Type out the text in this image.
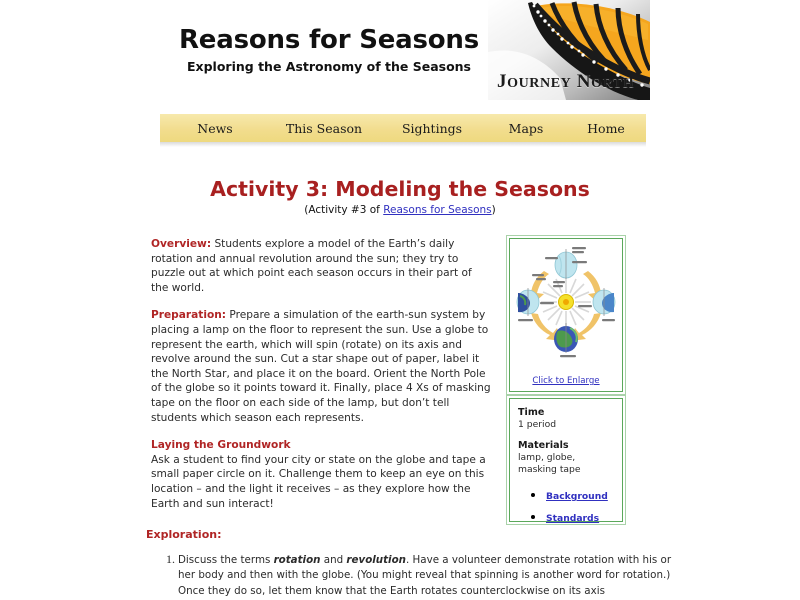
Reasons for Seasons
Exploring the Astronomy of the Seasons
JOURNEY NORTH
News	This Season	Sightings	Maps	Home
Activity 3: Modeling the Seasons
(Activity #3 of Reasons for Seasons)
Overview: Students explore a model of the Earth’s daily rotation and annual revolution around the sun; they try to puzzle out at which point each season occurs in their part of the world.
Preparation: Prepare a simulation of the earth-sun system by placing a lamp on the floor to represent the sun. Use a globe to represent the earth, which will spin (rotate) on its axis and revolve around the sun. Cut a star shape out of paper, label it the North Star, and place it on the board. Orient the North Pole of the globe so it points toward it. Finally, place 4 Xs of masking tape on the floor on each side of the lamp, but don’t tell students which season each represents.
Laying the Groundwork
Ask a student to find your city or state on the globe and tape a small paper circle on it. Challenge them to keep an eye on this location – and the light it receives – as they explore how the Earth and sun interact!
Click to Enlarge
Time
1 period
Materials
lamp, globe, masking tape
• Background
• Standards
Exploration:
1. Discuss the terms rotation and revolution. Have a volunteer demonstrate rotation with his or her body and then with the globe. (You might reveal that spinning is another word for rotation.) Once they do so, let them know that the Earth rotates counterclockwise on its axis
